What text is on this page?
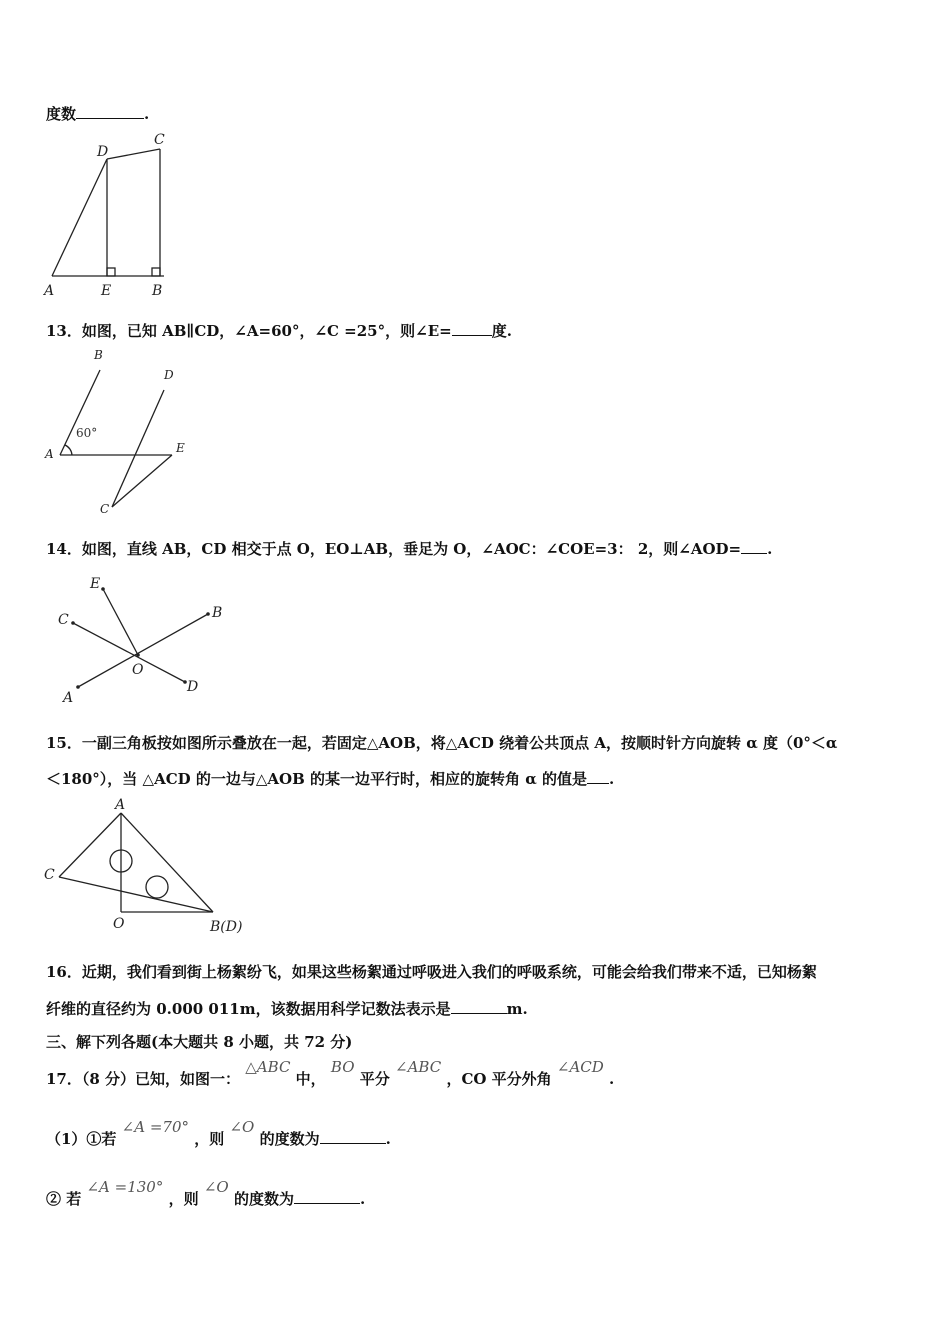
度数	.
A	E	B
D
C
13．如图，已知 AB∥CD，∠A=60°，∠C =25°，则∠E=	度.
B
D
A	E
C
60°
14．如图，直线 AB，CD 相交于点 O，EO⊥AB，垂足为 O，∠AOC：∠COE=3： 2，则∠AOD= .
E
C	B
O
A
D
15．一副三角板按如图所示叠放在一起，若固定△AOB，将△ACD 绕着公共顶点 A，按顺时针方向旋转 α 度（0°＜α
＜180°），当 △ACD 的一边与△AOB 的某一边平行时，相应的旋转角 α 的值是 .
A
C
O	B(D)
16．近期，我们看到街上杨絮纷飞，如果这些杨絮通过呼吸进入我们的呼吸系统，可能会给我们带来不适，已知杨絮
纤维的直径约为 0.000 011m，该数据用科学记数法表示是	m.
三、解下列各题(本大题共 8 小题，共 72 分)
17．（8 分）已知，如图一： △ABC 中， BO 平分 ∠ABC ，CO 平分外角 ∠ACD .
（1）①若 ∠A =70° ，则 ∠O 的度数为	.
② 若 ∠A =130° ，则 ∠O 的度数为	.
